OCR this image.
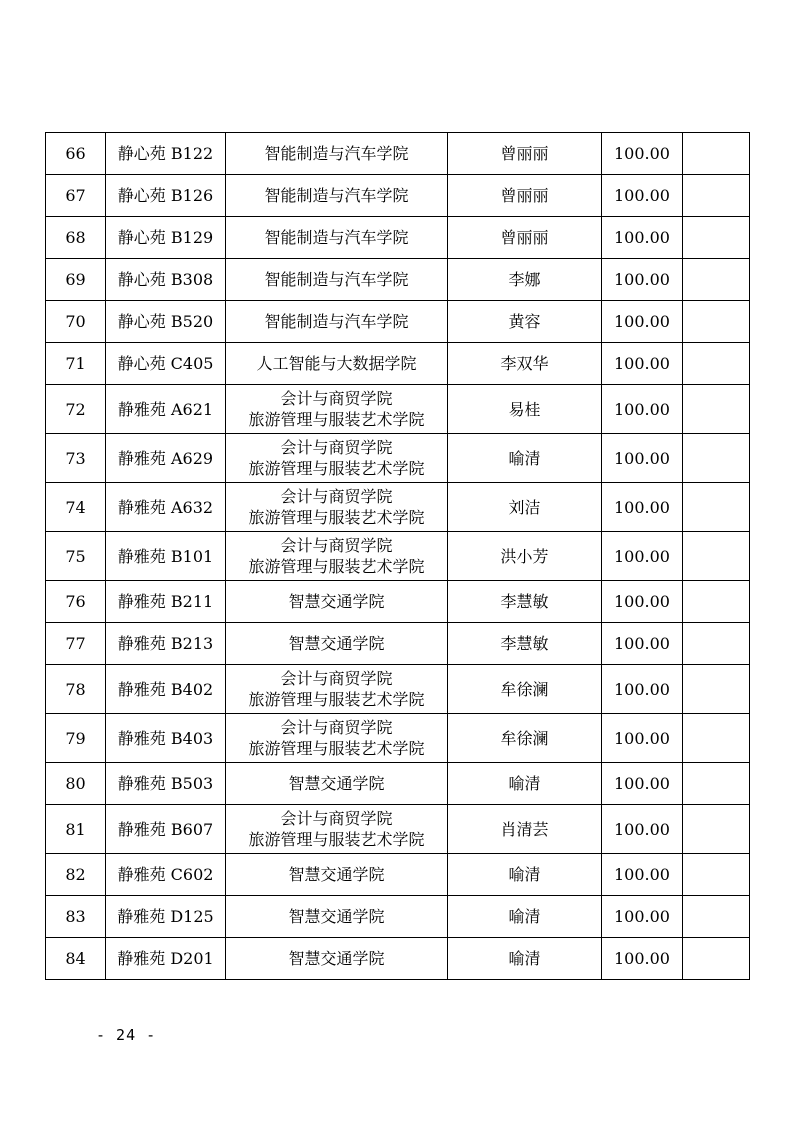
66	静心苑 B122	智能制造与汽车学院	曾丽丽	100.00	
67	静心苑 B126	智能制造与汽车学院	曾丽丽	100.00	
68	静心苑 B129	智能制造与汽车学院	曾丽丽	100.00	
69	静心苑 B308	智能制造与汽车学院	李娜	100.00	
70	静心苑 B520	智能制造与汽车学院	黄容	100.00	
71	静心苑 C405	人工智能与大数据学院	李双华	100.00	
72	静雅苑 A621	会计与商贸学院
旅游管理与服装艺术学院	易桂	100.00	
73	静雅苑 A629	会计与商贸学院
旅游管理与服装艺术学院	喻清	100.00	
74	静雅苑 A632	会计与商贸学院
旅游管理与服装艺术学院	刘洁	100.00	
75	静雅苑 B101	会计与商贸学院
旅游管理与服装艺术学院	洪小芳	100.00	
76	静雅苑 B211	智慧交通学院	李慧敏	100.00	
77	静雅苑 B213	智慧交通学院	李慧敏	100.00	
78	静雅苑 B402	会计与商贸学院
旅游管理与服装艺术学院	牟徐澜	100.00	
79	静雅苑 B403	会计与商贸学院
旅游管理与服装艺术学院	牟徐澜	100.00	
80	静雅苑 B503	智慧交通学院	喻清	100.00	
81	静雅苑 B607	会计与商贸学院
旅游管理与服装艺术学院	肖清芸	100.00	
82	静雅苑 C602	智慧交通学院	喻清	100.00	
83	静雅苑 D125	智慧交通学院	喻清	100.00	
84	静雅苑 D201	智慧交通学院	喻清	100.00	
- 24 -
